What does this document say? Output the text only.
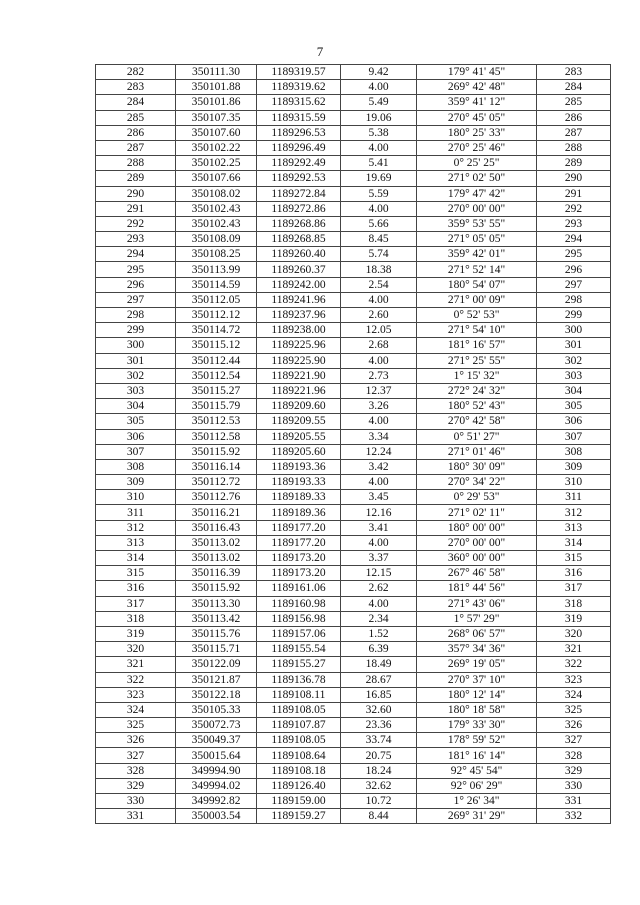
7
282	350111.30	1189319.57	9.42	179° 41' 45"	283
283	350101.88	1189319.62	4.00	269° 42' 48"	284
284	350101.86	1189315.62	5.49	359° 41' 12"	285
285	350107.35	1189315.59	19.06	270° 45' 05"	286
286	350107.60	1189296.53	5.38	180° 25' 33"	287
287	350102.22	1189296.49	4.00	270° 25' 46"	288
288	350102.25	1189292.49	5.41	0° 25' 25"	289
289	350107.66	1189292.53	19.69	271° 02' 50"	290
290	350108.02	1189272.84	5.59	179° 47' 42"	291
291	350102.43	1189272.86	4.00	270° 00' 00"	292
292	350102.43	1189268.86	5.66	359° 53' 55"	293
293	350108.09	1189268.85	8.45	271° 05' 05"	294
294	350108.25	1189260.40	5.74	359° 42' 01"	295
295	350113.99	1189260.37	18.38	271° 52' 14"	296
296	350114.59	1189242.00	2.54	180° 54' 07"	297
297	350112.05	1189241.96	4.00	271° 00' 09"	298
298	350112.12	1189237.96	2.60	0° 52' 53"	299
299	350114.72	1189238.00	12.05	271° 54' 10"	300
300	350115.12	1189225.96	2.68	181° 16' 57"	301
301	350112.44	1189225.90	4.00	271° 25' 55"	302
302	350112.54	1189221.90	2.73	1° 15' 32"	303
303	350115.27	1189221.96	12.37	272° 24' 32"	304
304	350115.79	1189209.60	3.26	180° 52' 43"	305
305	350112.53	1189209.55	4.00	270° 42' 58"	306
306	350112.58	1189205.55	3.34	0° 51' 27"	307
307	350115.92	1189205.60	12.24	271° 01' 46"	308
308	350116.14	1189193.36	3.42	180° 30' 09"	309
309	350112.72	1189193.33	4.00	270° 34' 22"	310
310	350112.76	1189189.33	3.45	0° 29' 53"	311
311	350116.21	1189189.36	12.16	271° 02' 11"	312
312	350116.43	1189177.20	3.41	180° 00' 00"	313
313	350113.02	1189177.20	4.00	270° 00' 00"	314
314	350113.02	1189173.20	3.37	360° 00' 00"	315
315	350116.39	1189173.20	12.15	267° 46' 58"	316
316	350115.92	1189161.06	2.62	181° 44' 56"	317
317	350113.30	1189160.98	4.00	271° 43' 06"	318
318	350113.42	1189156.98	2.34	1° 57' 29"	319
319	350115.76	1189157.06	1.52	268° 06' 57"	320
320	350115.71	1189155.54	6.39	357° 34' 36"	321
321	350122.09	1189155.27	18.49	269° 19' 05"	322
322	350121.87	1189136.78	28.67	270° 37' 10"	323
323	350122.18	1189108.11	16.85	180° 12' 14"	324
324	350105.33	1189108.05	32.60	180° 18' 58"	325
325	350072.73	1189107.87	23.36	179° 33' 30"	326
326	350049.37	1189108.05	33.74	178° 59' 52"	327
327	350015.64	1189108.64	20.75	181° 16' 14"	328
328	349994.90	1189108.18	18.24	92° 45' 54"	329
329	349994.02	1189126.40	32.62	92° 06' 29"	330
330	349992.82	1189159.00	10.72	1° 26' 34"	331
331	350003.54	1189159.27	8.44	269° 31' 29"	332
